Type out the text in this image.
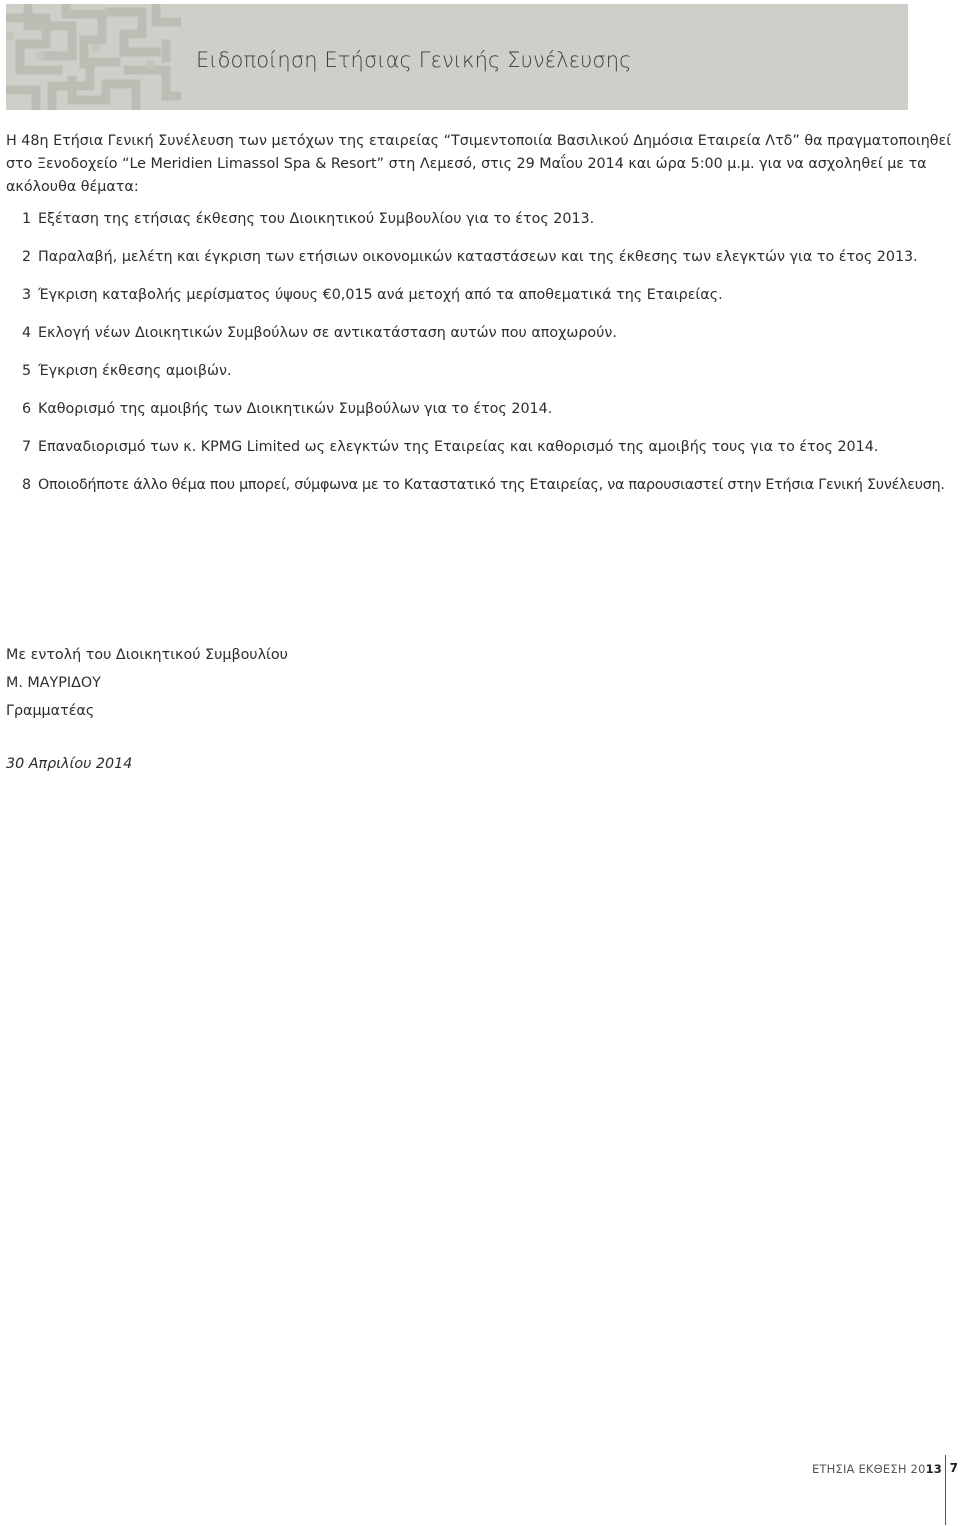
Ειδοποίηση Ετήσιας Γενικής Συνέλευσης
Η 48η Ετήσια Γενική Συνέλευση των μετόχων της εταιρείας “Τσιμεντοποιία Βασιλικού Δημόσια Εταιρεία Λτδ” θα πραγματοποιηθεί
στο Ξενοδοχείο “Le Meridien Limassol Spa & Resort” στη Λεμεσό, στις 29 Μαΐου 2014 και ώρα 5:00 μ.μ. για να ασχοληθεί με τα
ακόλουθα θέματα:
1 Εξέταση της ετήσιας έκθεσης του Διοικητικού Συμβουλίου για το έτος 2013.
2 Παραλαβή, μελέτη και έγκριση των ετήσιων οικονομικών καταστάσεων και της έκθεσης των ελεγκτών για το έτος 2013.
3 Έγκριση καταβολής μερίσματος ύψους €0,015 ανά μετοχή από τα αποθεματικά της Εταιρείας.
4 Εκλογή νέων Διοικητικών Συμβούλων σε αντικατάσταση αυτών που αποχωρούν.
5 Έγκριση έκθεσης αμοιβών.
6 Καθορισμό της αμοιβής των Διοικητικών Συμβούλων για το έτος 2014.
7 Επαναδιορισμό των κ. KPMG Limited ως ελεγκτών της Εταιρείας και καθορισμό της αμοιβής τους για το έτος 2014.
8 Οποιοδήποτε άλλο θέμα που μπορεί, σύμφωνα με το Καταστατικό της Εταιρείας, να παρουσιαστεί στην Ετήσια Γενική Συνέλευση.
Με εντολή του Διοικητικού Συμβουλίου
Μ. ΜΑΥΡΙΔΟΥ
Γραμματέας
30 Απριλίου 2014
ΕΤΗΣΙΑ ΕΚΘΕΣΗ 2013 7
